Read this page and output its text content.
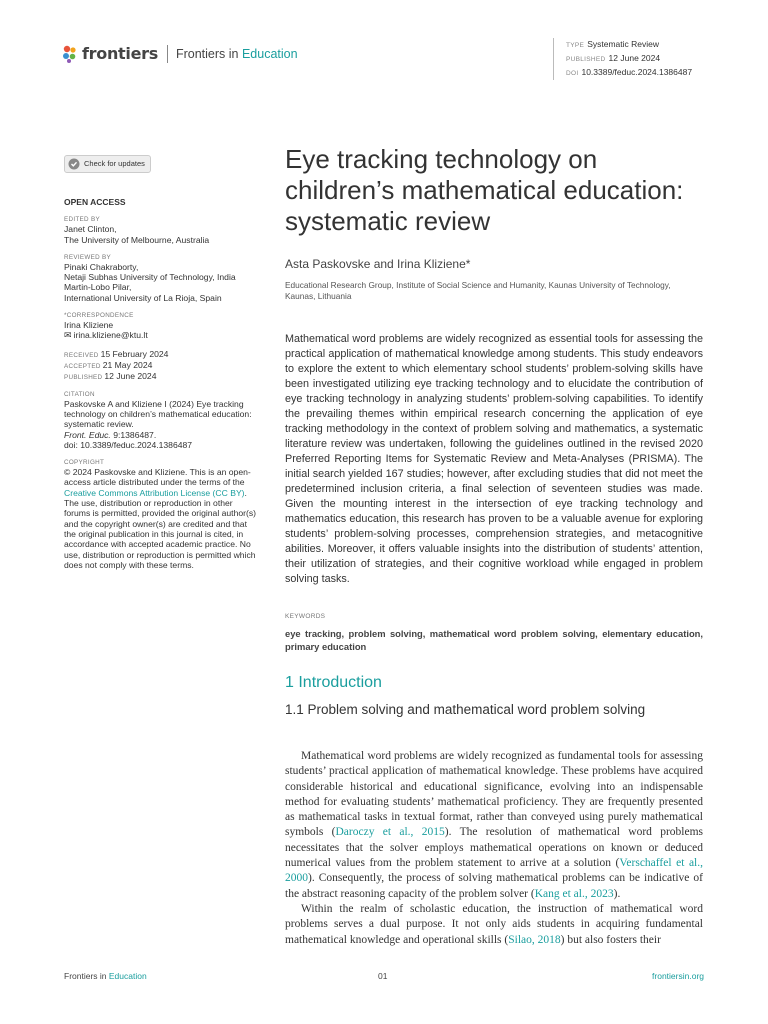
frontiers Frontiers in Education
TYPE Systematic Review
PUBLISHED 12 June 2024
DOI 10.3389/feduc.2024.1386487
Check for updates
OPEN ACCESS
EDITED BY
Janet Clinton,
The University of Melbourne, Australia
REVIEWED BY
Pinaki Chakraborty,
Netaji Subhas University of Technology, India
Martin-Lobo Pilar,
International University of La Rioja, Spain
*CORRESPONDENCE
Irina Kliziene
✉ irina.kliziene@ktu.lt
RECEIVED 15 February 2024
ACCEPTED 21 May 2024
PUBLISHED 12 June 2024
CITATION
Paskovske A and Kliziene I (2024) Eye tracking technology on children’s mathematical education: systematic review.
Front. Educ. 9:1386487.
doi: 10.3389/feduc.2024.1386487
COPYRIGHT
© 2024 Paskovske and Kliziene. This is an open-access article distributed under the terms of the Creative Commons Attribution License (CC BY). The use, distribution or reproduction in other forums is permitted, provided the original author(s) and the copyright owner(s) are credited and that the original publication in this journal is cited, in accordance with accepted academic practice. No use, distribution or reproduction is permitted which does not comply with these terms.
Eye tracking technology on children’s mathematical education: systematic review
Asta Paskovske and Irina Kliziene*
Educational Research Group, Institute of Social Science and Humanity, Kaunas University of Technology, Kaunas, Lithuania
Mathematical word problems are widely recognized as essential tools for assessing the practical application of mathematical knowledge among students. This study endeavors to explore the extent to which elementary school students’ problem-solving skills have been investigated utilizing eye tracking technology and to elucidate the contribution of eye tracking technology in analyzing students’ problem-solving capabilities. To identify the prevailing themes within empirical research concerning the application of eye tracking methodology in the context of problem solving and mathematics, a systematic literature review was undertaken, following the guidelines outlined in the revised 2020 Preferred Reporting Items for Systematic Review and Meta-Analyses (PRISMA). The initial search yielded 167 studies; however, after excluding studies that did not meet the predetermined inclusion criteria, a final selection of seventeen studies was made. Given the mounting interest in the intersection of eye tracking technology and mathematics education, this research has proven to be a valuable avenue for exploring students’ problem-solving processes, comprehension strategies, and metacognitive abilities. Moreover, it offers valuable insights into the distribution of students’ attention, their utilization of strategies, and their cognitive workload while engaged in problem solving tasks.
KEYWORDS
eye tracking, problem solving, mathematical word problem solving, elementary education, primary education
1 Introduction
1.1 Problem solving and mathematical word problem solving

Mathematical word problems are widely recognized as fundamental tools for assessing students’ practical application of mathematical knowledge. These problems have acquired considerable historical and educational significance, evolving into an indispensable method for evaluating students’ mathematical proficiency. They are frequently presented as mathematical tasks in textual format, rather than conveyed using purely mathematical symbols (Daroczy et al., 2015). The resolution of mathematical word problems necessitates that the solver employs mathematical operations on known or deduced numerical values from the problem statement to arrive at a solution (Verschaffel et al., 2000). Consequently, the process of solving mathematical problems can be indicative of the abstract reasoning capacity of the problem solver (Kang et al., 2023).

Within the realm of scholastic education, the instruction of mathematical word problems serves a dual purpose. It not only aids students in acquiring fundamental mathematical knowledge and operational skills (Silao, 2018) but also fosters their

Frontiers in Education	01	frontiersin.org
